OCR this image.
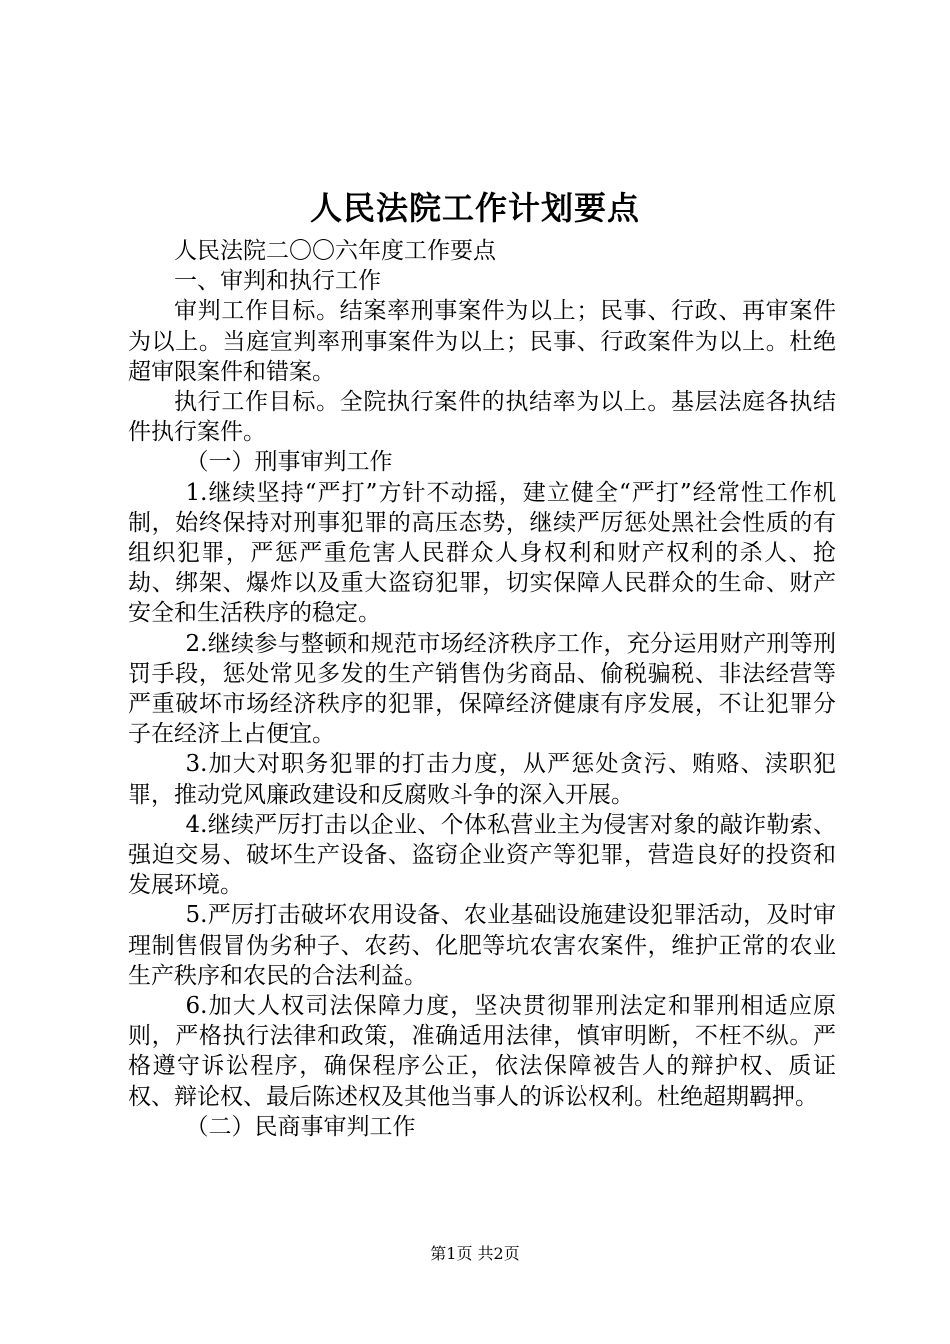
人民法院工作计划要点

人民法院二〇〇六年度工作要点

一、审判和执行工作

审判工作目标。结案率刑事案件为以上；民事、行政、再审案件为以上。当庭宣判率刑事案件为以上；民事、行政案件为以上。杜绝超审限案件和错案。

执行工作目标。全院执行案件的执结率为以上。基层法庭各执结件执行案件。

（一）刑事审判工作

1.继续坚持“严打”方针不动摇，建立健全“严打”经常性工作机制，始终保持对刑事犯罪的高压态势，继续严厉惩处黑社会性质的有组织犯罪，严惩严重危害人民群众人身权利和财产权利的杀人、抢劫、绑架、爆炸以及重大盗窃犯罪，切实保障人民群众的生命、财产安全和生活秩序的稳定。

2.继续参与整顿和规范市场经济秩序工作，充分运用财产刑等刑罚手段，惩处常见多发的生产销售伪劣商品、偷税骗税、非法经营等严重破坏市场经济秩序的犯罪，保障经济健康有序发展，不让犯罪分子在经济上占便宜。

3.加大对职务犯罪的打击力度，从严惩处贪污、贿赂、渎职犯罪，推动党风廉政建设和反腐败斗争的深入开展。

4.继续严厉打击以企业、个体私营业主为侵害对象的敲诈勒索、强迫交易、破坏生产设备、盗窃企业资产等犯罪，营造良好的投资和发展环境。

5.严厉打击破坏农用设备、农业基础设施建设犯罪活动，及时审理制售假冒伪劣种子、农药、化肥等坑农害农案件，维护正常的农业生产秩序和农民的合法利益。

6.加大人权司法保障力度，坚决贯彻罪刑法定和罪刑相适应原则，严格执行法律和政策，准确适用法律，慎审明断，不枉不纵。严格遵守诉讼程序，确保程序公正，依法保障被告人的辩护权、质证权、辩论权、最后陈述权及其他当事人的诉讼权利。杜绝超期羁押。

（二）民商事审判工作

第1页 共2页
